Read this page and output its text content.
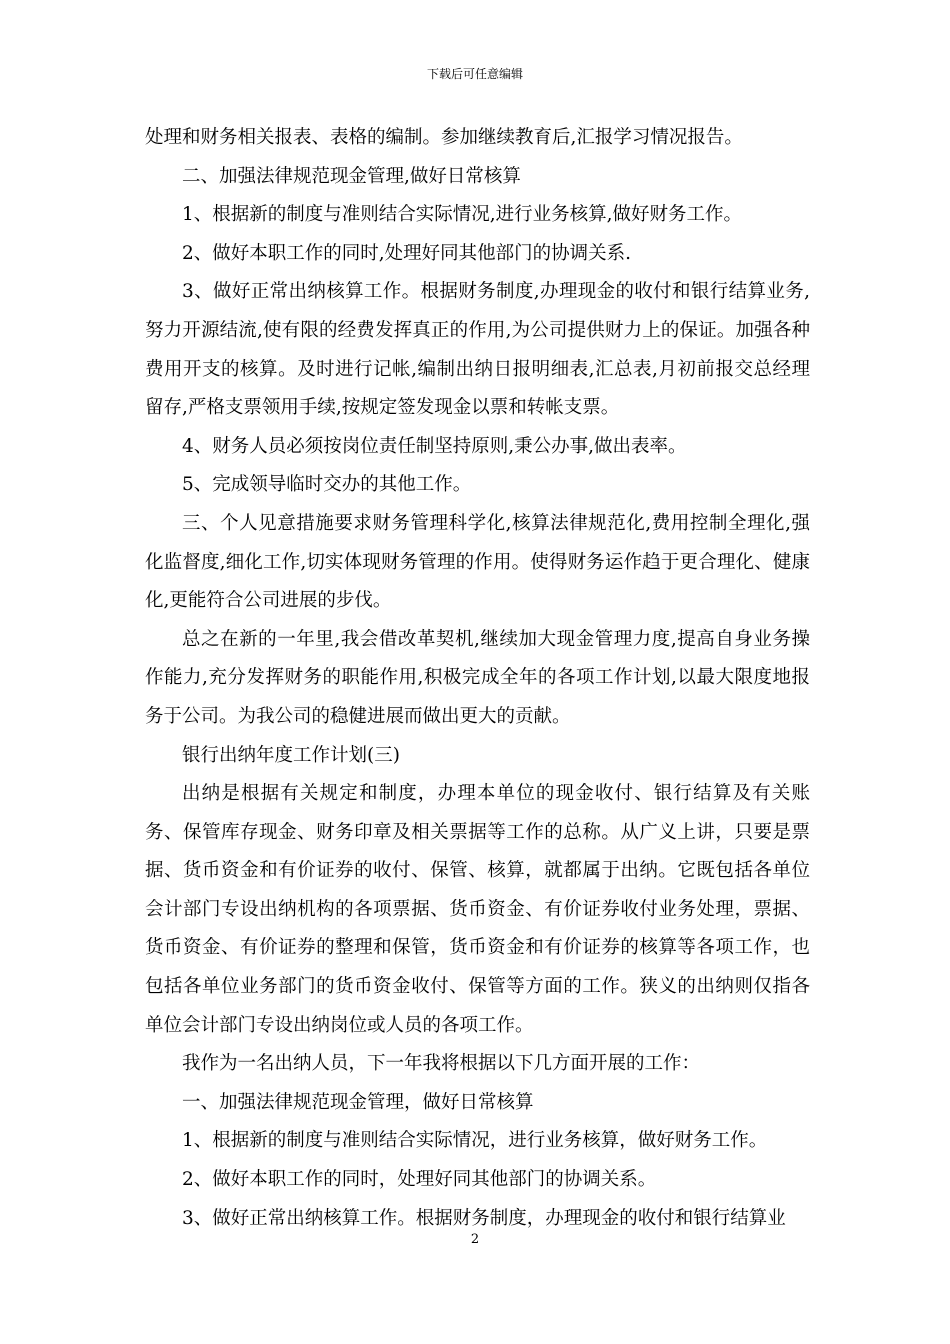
下载后可任意编辑

处理和财务相关报表、表格的编制。参加继续教育后,汇报学习情况报告。

二、加强法律规范现金管理,做好日常核算

1、根据新的制度与准则结合实际情况,进行业务核算,做好财务工作。

2、做好本职工作的同时,处理好同其他部门的协调关系.

3、做好正常出纳核算工作。根据财务制度,办理现金的收付和银行结算业务,努力开源结流,使有限的经费发挥真正的作用,为公司提供财力上的保证。加强各种费用开支的核算。及时进行记帐,编制出纳日报明细表,汇总表,月初前报交总经理留存,严格支票领用手续,按规定签发现金以票和转帐支票。

4、财务人员必须按岗位责任制坚持原则,秉公办事,做出表率。

5、完成领导临时交办的其他工作。

三、个人见意措施要求财务管理科学化,核算法律规范化,费用控制全理化,强化监督度,细化工作,切实体现财务管理的作用。使得财务运作趋于更合理化、健康化,更能符合公司进展的步伐。

总之在新的一年里,我会借改革契机,继续加大现金管理力度,提高自身业务操作能力,充分发挥财务的职能作用,积极完成全年的各项工作计划,以最大限度地报务于公司。为我公司的稳健进展而做出更大的贡献。

银行出纳年度工作计划(三)

出纳是根据有关规定和制度，办理本单位的现金收付、银行结算及有关账务、保管库存现金、财务印章及相关票据等工作的总称。从广义上讲，只要是票据、货币资金和有价证券的收付、保管、核算，就都属于出纳。它既包括各单位会计部门专设出纳机构的各项票据、货币资金、有价证券收付业务处理，票据、货币资金、有价证券的整理和保管，货币资金和有价证券的核算等各项工作，也包括各单位业务部门的货币资金收付、保管等方面的工作。狭义的出纳则仅指各单位会计部门专设出纳岗位或人员的各项工作。

我作为一名出纳人员，下一年我将根据以下几方面开展的工作：

一、加强法律规范现金管理，做好日常核算

1、根据新的制度与准则结合实际情况，进行业务核算，做好财务工作。

2、做好本职工作的同时，处理好同其他部门的协调关系。

3、做好正常出纳核算工作。根据财务制度，办理现金的收付和银行结算业

2
